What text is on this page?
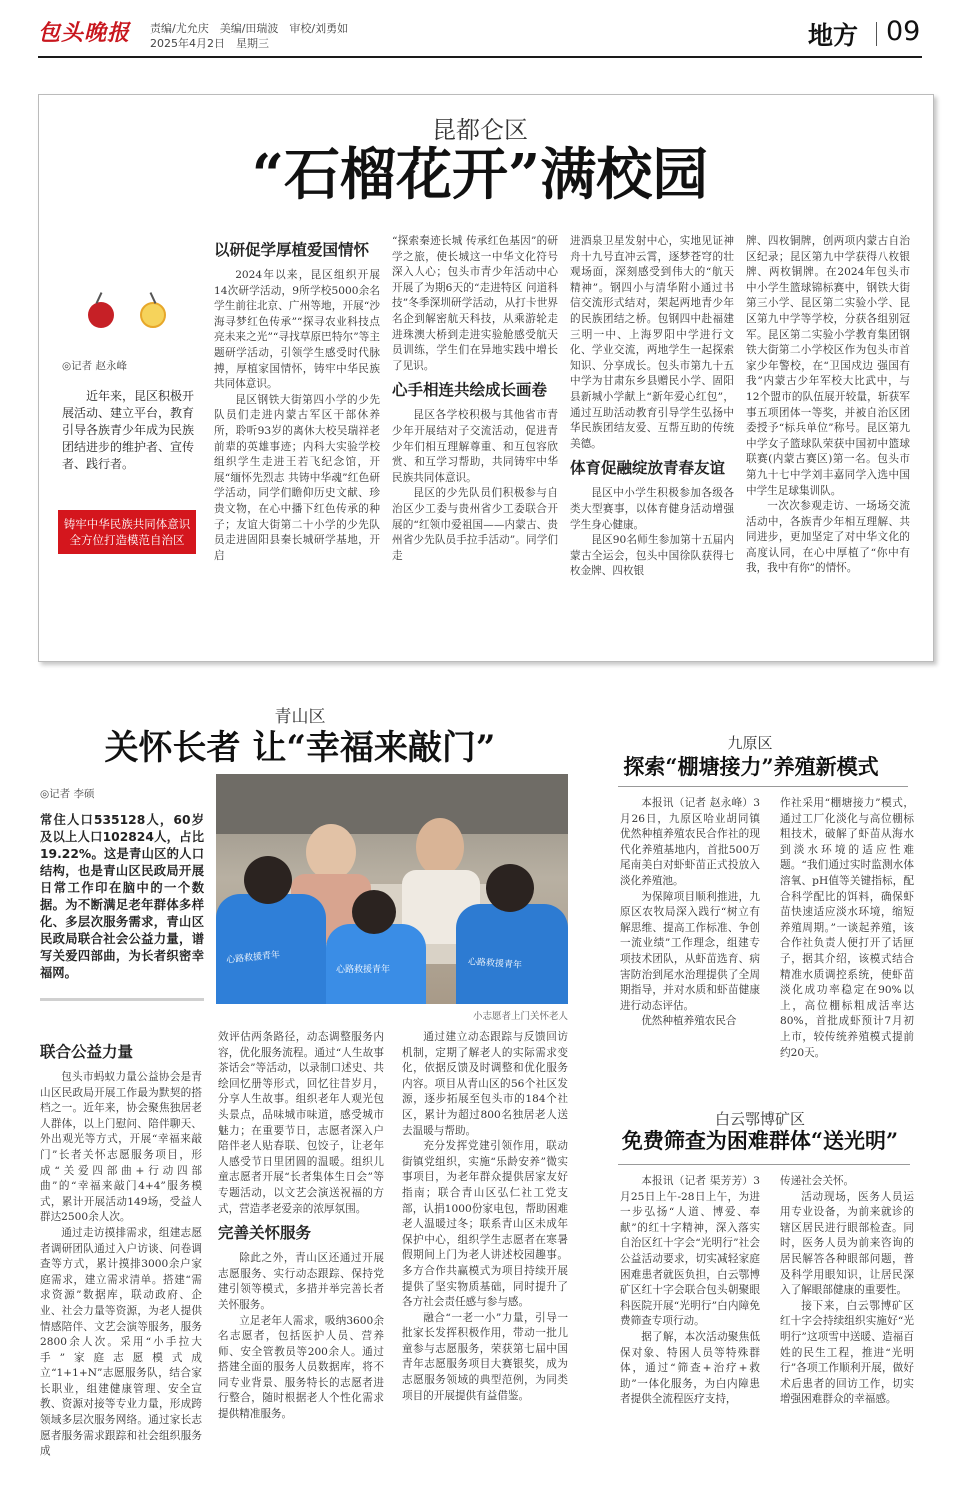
包头晚报 责编/尤允庆　美编/田瑞波　审校/刘勇如
2025年4月2日　星期三	地方 09
昆都仑区
“石榴花开”满校园
◎记者 赵永峰
近年来，昆区积极开展活动、建立平台，教育引导各族青少年成为民族团结进步的维护者、宣传者、践行者。
铸牢中华民族共同体意识
全方位打造模范自治区
以研促学厚植爱国情怀

2024年以来，昆区组织开展14次研学活动，9所学校5000余名学生前往北京、广州等地，开展“沙海寻梦红色传承”“探寻农业科技点亮未来之光”“寻找草原巴特尔”等主题研学活动，引领学生感受时代脉搏，厚植家国情怀，铸牢中华民族共同体意识。

昆区钢铁大街第四小学的少先队员们走进内蒙古军区干部休养所，聆听93岁的离休大校吴瑞祥老前辈的英雄事迹；内科大实验学校组织学生走进王若飞纪念馆，开展“缅怀先烈志 共铸中华魂”红色研学活动，同学们瞻仰历史文献、珍贵文物，在心中播下红色传承的种子；友谊大街第二十小学的少先队员走进固阳县秦长城研学基地，开启

“探索秦迹长城 传承红色基因”的研学之旅，使长城这一中华文化符号深入人心；包头市青少年活动中心开展了为期6天的“走进特区 问道科技”冬季深圳研学活动，从打卡世界名企到解密航天科技，从乘游轮走进珠澳大桥到走进实验舱感受航天员训练，学生们在异地实践中增长了见识。

心手相连共绘成长画卷

昆区各学校积极与其他省市青少年开展结对子交流活动，促进青少年们相互理解尊重、和互包容欣赏、和互学习帮助，共同铸牢中华民族共同体意识。

昆区的少先队员们积极参与自治区少工委与贵州省少工委联合开展的“红领巾爱祖国——内蒙古、贵州省少先队员手拉手活动”。同学们走

进酒泉卫星发射中心，实地见证神舟十九号直冲云霄，逐梦苍穹的壮观场面，深刻感受到伟大的“航天精神”。钢四小与清华附小通过书信交流形式结对，架起两地青少年的民族团结之桥。包钢四中赴福建三明一中、上海罗阳中学进行文化、学业交流，两地学生一起探索知识、分享成长。包头市第九十五中学为甘肃东乡县赠民小学、固阳县新城小学献上“新年爱心红包”，通过互助活动教育引导学生弘扬中华民族团结友爱、互帮互助的传统美德。

体育促融绽放青春友谊

昆区中小学生积极参加各级各类大型赛事，以体育健身活动增强学生身心健康。

昆区90名师生参加第十五届内蒙古全运会，包头中国徐队获得七枚金牌、四枚银

牌、四枚铜牌，创两项内蒙古自治区纪录；昆区第九中学获得八枚银牌、两枚铜牌。在2024年包头市中小学生篮球锦标赛中，钢铁大街第三小学、昆区第二实验小学、昆区第九中学等学校，分获各组别冠军。昆区第二实验小学教育集团钢铁大街第二小学校区作为包头市首家少年警校，在“卫国戍边 强国有我”内蒙古少年军校大比武中，与12个盟市的队伍展开较量，斩获军事五项团体一等奖，并被自治区团委授予“标兵单位”称号。昆区第九中学女子篮球队荣获中国初中篮球联赛(内蒙古赛区)第一名。包头市第九十七中学刘丰嘉同学入选中国中学生足球集训队。

一次次参观走访、一场场交流活动中，各族青少年相互理解、共同进步，更加坚定了对中华文化的高度认同，在心中厚植了“你中有我，我中有你”的情怀。

青山区
关怀长者 让“幸福来敲门”
◎记者 李硕
常住人口535128人，60岁及以上人口102824人，占比19.22%。这是青山区的人口结构，也是青山区民政局开展日常工作印在脑中的一个数据。为不断满足老年群体多样化、多层次服务需求，青山区民政局联合社会公益力量，谱写关爱四部曲，为长者织密幸福网。
心路救援青年
心路救援青年	心路救援青年
小志愿者上门关怀老人
联合公益力量

包头市蚂蚁力量公益协会是青山区民政局开展工作最为默契的搭档之一。近年来，协会聚焦独居老人群体，以上门慰问、陪伴聊天、外出观光等方式，开展“幸福来敲门”长者关怀志愿服务项目，形成“关爱四部曲+行动四部曲”的“幸福来敲门4+4”服务模式，累计开展活动149场，受益人群达2500余人次。

通过走访摸排需求，组建志愿者调研团队通过入户访谈、问卷调查等方式，累计摸排3000余户家庭需求，建立需求清单。搭建“需求资源”数据库，联动政府、企业、社会力量等资源，为老人提供情感陪伴、文艺会演等服务，服务2800余人次。采用“小手拉大手”家庭志愿模式成立“1+1+N”志愿服务队，结合家长职业，组建健康管理、安全宣教、资源对接等专业力量，形成跨领域多层次服务网络。通过家长志愿者服务需求跟踪和社会组织服务成

效评估两条路径，动态调整服务内容，优化服务流程。通过“人生故事茶话会”等活动，以录制口述史、共绘回忆册等形式，回忆往昔岁月，分享人生故事。组织老年人观光包头景点，品味城市味道，感受城市魅力；在重要节日，志愿者深入户陪伴老人贴春联、包饺子，让老年人感受节日里团圆的温暖。组织儿童志愿者开展“长者集体生日会”等专题活动，以文艺会演送祝福的方式，营造孝老爱亲的浓厚氛围。

完善关怀服务

除此之外，青山区还通过开展志愿服务、实行动态跟踪、保持党建引领等模式，多措并举完善长者关怀服务。

立足老年人需求，吸纳3600余名志愿者，包括医护人员、营养师、安全管教员等200余人。通过搭建全面的服务人员数据库，将不同专业背景、服务特长的志愿者进行整合，随时根据老人个性化需求提供精准服务。

通过建立动态跟踪与反馈回访机制，定期了解老人的实际需求变化，依据反馈及时调整和优化服务内容。项目从青山区的56个社区发源，逐步拓展至包头市的184个社区，累计为超过800名独居老人送去温暖与帮助。

充分发挥党建引领作用，联动街镇党组织，实施“乐龄安养”微实事项目，为老年群众提供居家友好指南；联合青山区弘仁社工党支部，认捐1000份家电包，帮助困难老人温暖过冬；联系青山区未成年保护中心，组织学生志愿者在寒暑假期间上门为老人讲述校园趣事。多方合作共赢模式为项目持续开展提供了坚实物质基础，同时提升了各方社会责任感与参与感。

融合“一老一小”力量，引导一批家长发挥积极作用，带动一批儿童参与志愿服务，荣获第七届中国青年志愿服务项目大赛银奖，成为志愿服务领域的典型范例，为同类项目的开展提供有益借鉴。

九原区
探索“棚塘接力”养殖新模式

本报讯（记者 赵永峰）3月26日，九原区哈业胡同镇优然种植养殖农民合作社的现代化养殖基地内，首批500万尾南美白对虾虾苗正式投放入淡化养殖池。

为保障项目顺利推进，九原区农牧局深入践行“树立有解思维、提高工作标准、争创一流业绩”工作理念，组建专项技术团队，从虾苗选育、病害防治到尾水治理提供了全周期指导，并对水质和虾苗健康进行动态评估。

优然种植养殖农民合

作社采用“棚塘接力”模式，通过工厂化淡化与高位棚标粗技术，破解了虾苗从海水到淡水环境的适应性难题。“我们通过实时监测水体溶氧、pH值等关键指标，配合科学配比的饵料，确保虾苗快速适应淡水环境，缩短养殖周期。”一谈起养殖，该合作社负责人便打开了话匣子，据其介绍，该模式结合精准水质调控系统，使虾苗淡化成功率稳定在90%以上，高位棚标粗成活率达80%，首批成虾预计7月初上市，较传统养殖模式提前约20天。

白云鄂博矿区
免费筛查为困难群体“送光明”

本报讯（记者 渠芳芳）3月25日上午-28日上午，为进一步弘扬“人道、博爱、奉献”的红十字精神，深入落实自治区红十字会“光明行”社会公益活动要求，切实减轻家庭困难患者就医负担，白云鄂博矿区红十字会联合包头朝聚眼科医院开展“光明行”白内障免费筛查专项行动。

据了解，本次活动聚焦低保对象、特困人员等特殊群体，通过“筛查+治疗+救助”一体化服务，为白内障患者提供全流程医疗支持，

传递社会关怀。

活动现场，医务人员运用专业设备，为前来就诊的辖区居民进行眼部检查。同时，医务人员为前来咨询的居民解答各种眼部问题，普及科学用眼知识，让居民深入了解眼部健康的重要性。

接下来，白云鄂博矿区红十字会持续组织实施好“光明行”这项雪中送暖、造福百姓的民生工程，推进“光明行”各项工作顺利开展，做好术后患者的回访工作，切实增强困难群众的幸福感。
